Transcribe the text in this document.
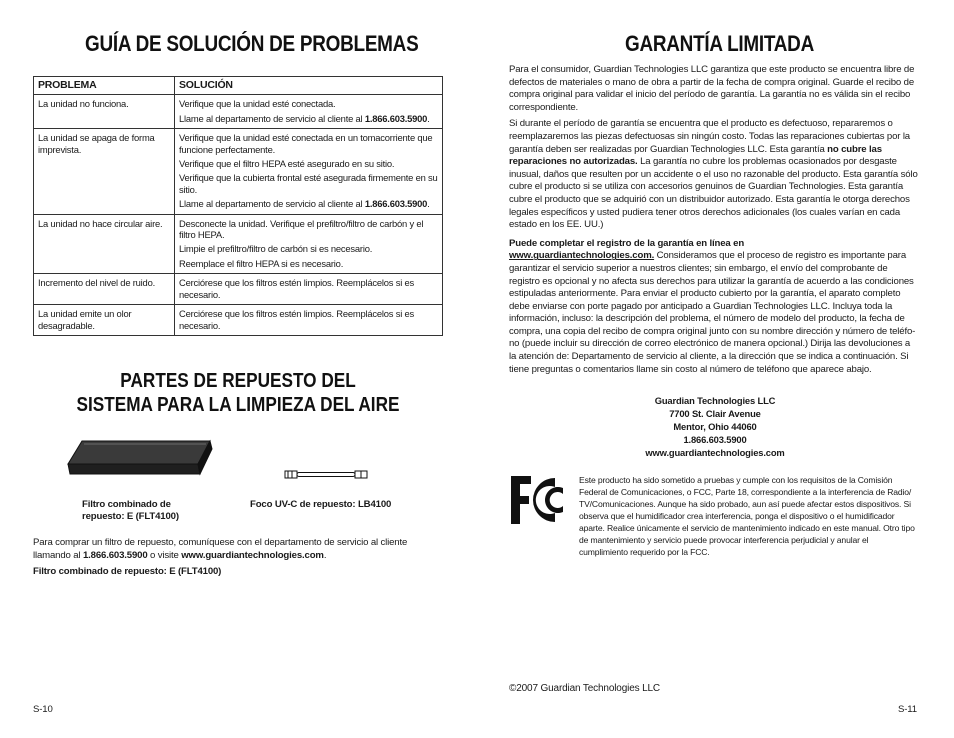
GUÍA DE SOLUCIÓN DE PROBLEMAS
PROBLEMA	SOLUCIÓN
La unidad no funciona.	Verifique que la unidad esté conectada.
Llame al departamento de servicio al cliente al 1.866.603.5900.

La unidad se apaga de forma imprevista.	Verifique que la unidad esté conectada en un tomacorriente que funcione perfectamente.
Verifique que el filtro HEPA esté asegurado en su sitio.
Verifique que la cubierta frontal esté asegurada firmemente en su sitio.
Llame al departamento de servicio al cliente al 1.866.603.5900.

La unidad no hace circular aire.	Desconecte la unidad. Verifique el prefiltro/filtro de carbón y el filtro HEPA.
Limpie el prefiltro/filtro de carbón si es necesario.
Reemplace el filtro HEPA si es necesario.

Incremento del nivel de ruido.	Cerciórese que los filtros estén limpios. Reemplácelos si es necesario.

La unidad emite un olor desagradable.	Cerciórese que los filtros estén limpios. Reemplácelos si es necesario.
PARTES DE REPUESTO DEL
SISTEMA PARA LA LIMPIEZA DEL AIRE
Filtro combinado de
repuesto: E (FLT4100)
Foco UV-C de repuesto: LB4100

Para comprar un filtro de repuesto, comuníquese con el departamento de servicio al cliente llamando al 1.866.603.5900 o visite www.guardiantechnologies.com.

Filtro combinado de repuesto: E (FLT4100)
S-10
GARANTÍA LIMITADA

Para el consumidor, Guardian Technologies LLC garantiza que este producto se encuentra libre de defectos de materiales o mano de obra a partir de la fecha de compra original. Guarde el recibo de compra original para validar el inicio del período de garantía. La garantía no es válida sin el recibo correspondiente.

Si durante el período de garantía se encuentra que el producto es defectuoso, repararemos o reemplazaremos las piezas defectuosas sin ningún costo. Todas las reparaciones cubiertas por la garantía deben ser realizadas por Guardian Technologies LLC. Esta garantía no cubre las reparaciones no autorizadas. La garantía no cubre los problemas ocasionados por desgaste inusual, daños que resulten por un accidente o el uso no razonable del producto. Esta garantía sólo cubre el producto si se utiliza con accesorios genuinos de Guardian Technologies. Esta garantía cubre el producto que se adquirió con un distribuidor autorizado. Esta garantía le otorga derechos legales específicos y usted pudiera tener otros derechos adicionales (los cuales varían en cada estado en los EE. UU.)

Puede completar el registro de la garantía en línea en
www.guardiantechnologies.com. Consideramos que el proceso de registro es importante para garantizar el servicio superior a nuestros clientes; sin embargo, el envío del comprobante de registro es opcional y no afecta sus derechos para utilizar la garantía de acuerdo a las condiciones estipuladas anteriormente. Para enviar el producto cubierto por la garantía, el aparato completo debe enviarse con porte pagado por anticipado a Guardian Technologies LLC. Incluya toda la información, incluso: la descripción del problema, el número de modelo del producto, la fecha de compra, una copia del recibo de compra original junto con su nombre dirección y número de teléfono (puede incluir su dirección de correo electrónico de manera opcional.) Dirija las devoluciones a la atención de: Departamento de servicio al cliente, a la dirección que se indica a continuación. Si tiene preguntas o comentarios llame sin costo al número de teléfono que aparece abajo.

Guardian Technologies LLC
7700 St. Clair Avenue
Mentor, Ohio 44060
1.866.603.5900
www.guardiantechnologies.com

Este producto ha sido sometido a pruebas y cumple con los requisitos de la Comisión Federal de Comunicaciones, o FCC, Parte 18, correspondiente a la interferencia de Radio/ TV/Comunicaciones. Aunque ha sido probado, aun así puede afectar estos dispositivos. Si observa que el humidificador crea interferencia, ponga el dispositivo o el humidificador aparte. Realice únicamente el servicio de mantenimiento indicado en este manual. Otro tipo de mantenimiento y servicio puede provocar interferencia perjudicial y anular el cumplimiento requerido por la FCC.

©2007 Guardian Technologies LLC
S-11
